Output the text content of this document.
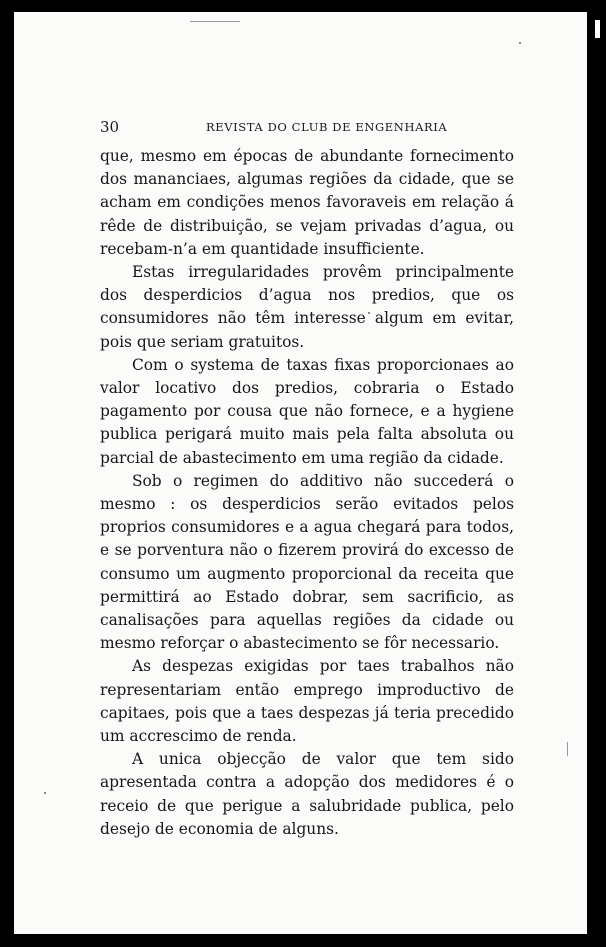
30	REVISTA DO CLUB DE ENGENHARIA

que, mesmo em épocas de abundante fornecimento dos mananciaes, algumas regiões da cidade, que se acham em condições menos favoraveis em relação á rêde de distribuição, se vejam privadas d’agua, ou recebam-n’a em quantidade insufficiente.

Estas irregularidades provêm principalmente dos desperdicios d’agua nos predios, que os consumidores não têm interesse algum em evitar, pois que seriam gratuitos.

Com o systema de taxas fixas proporcionaes ao valor locativo dos predios, cobraria o Estado pagamento por cousa que não fornece, e a hygiene publica perigará muito mais pela falta absoluta ou parcial de abastecimento em uma região da cidade.

Sob o regimen do additivo não succederá o mesmo : os desperdicios serão evitados pelos proprios consumidores e a agua chegará para todos, e se porventura não o fizerem provirá do excesso de consumo um augmento proporcional da receita que permittirá ao Estado dobrar, sem sacrificio, as canalisações para aquellas regiões da cidade ou mesmo reforçar o abastecimento se fôr necessario.

As despezas exigidas por taes trabalhos não representariam então emprego improductivo de capitaes, pois que a taes despezas já teria precedido um accrescimo de renda.

A unica objecção de valor que tem sido apresentada contra a adopção dos medidores é o receio de que perigue a salubridade publica, pelo desejo de economia de alguns.
